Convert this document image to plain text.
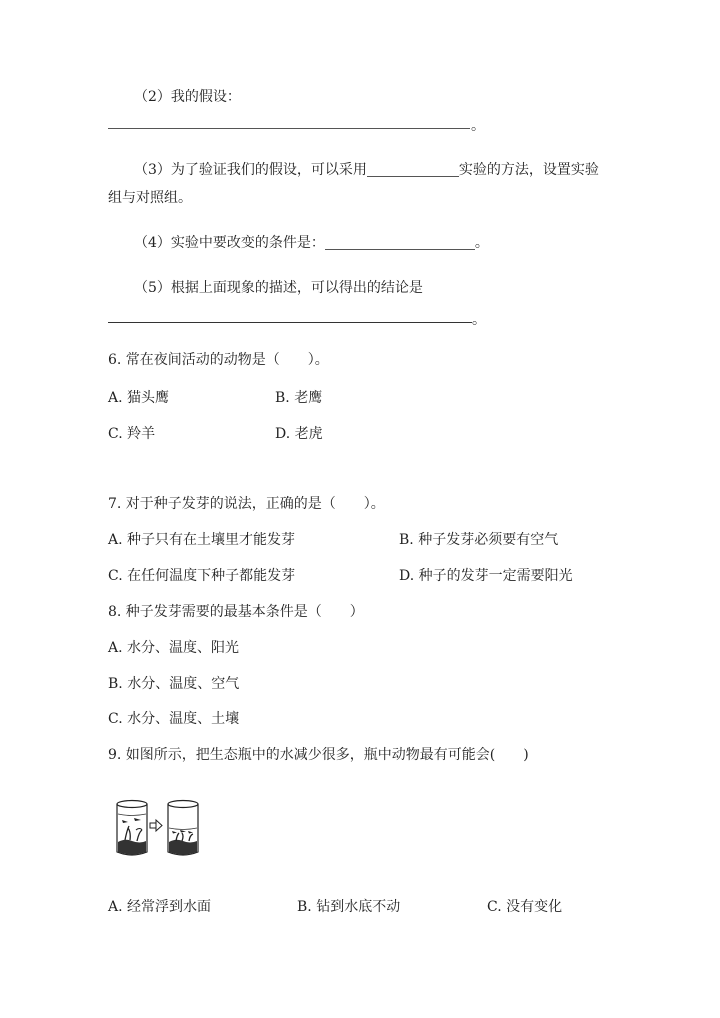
（2）我的假设：
。
（3）为了验证我们的假设，可以采用	实验的方法，设置实验
组与对照组。
（4）实验中要改变的条件是：	。
（5）根据上面现象的描述，可以得出的结论是
。
6. 常在夜间活动的动物是（　　）。
A. 猫头鹰	B. 老鹰
C. 羚羊	D. 老虎
7. 对于种子发芽的说法，正确的是（　　）。
A. 种子只有在土壤里才能发芽	B. 种子发芽必须要有空气
C. 在任何温度下种子都能发芽	D. 种子的发芽一定需要阳光
8. 种子发芽需要的最基本条件是（　　）
A. 水分、温度、阳光
B. 水分、温度、空气
C. 水分、温度、土壤
9. 如图所示，把生态瓶中的水减少很多，瓶中动物最有可能会(　　)
A. 经常浮到水面	B. 钻到水底不动	C. 没有变化
